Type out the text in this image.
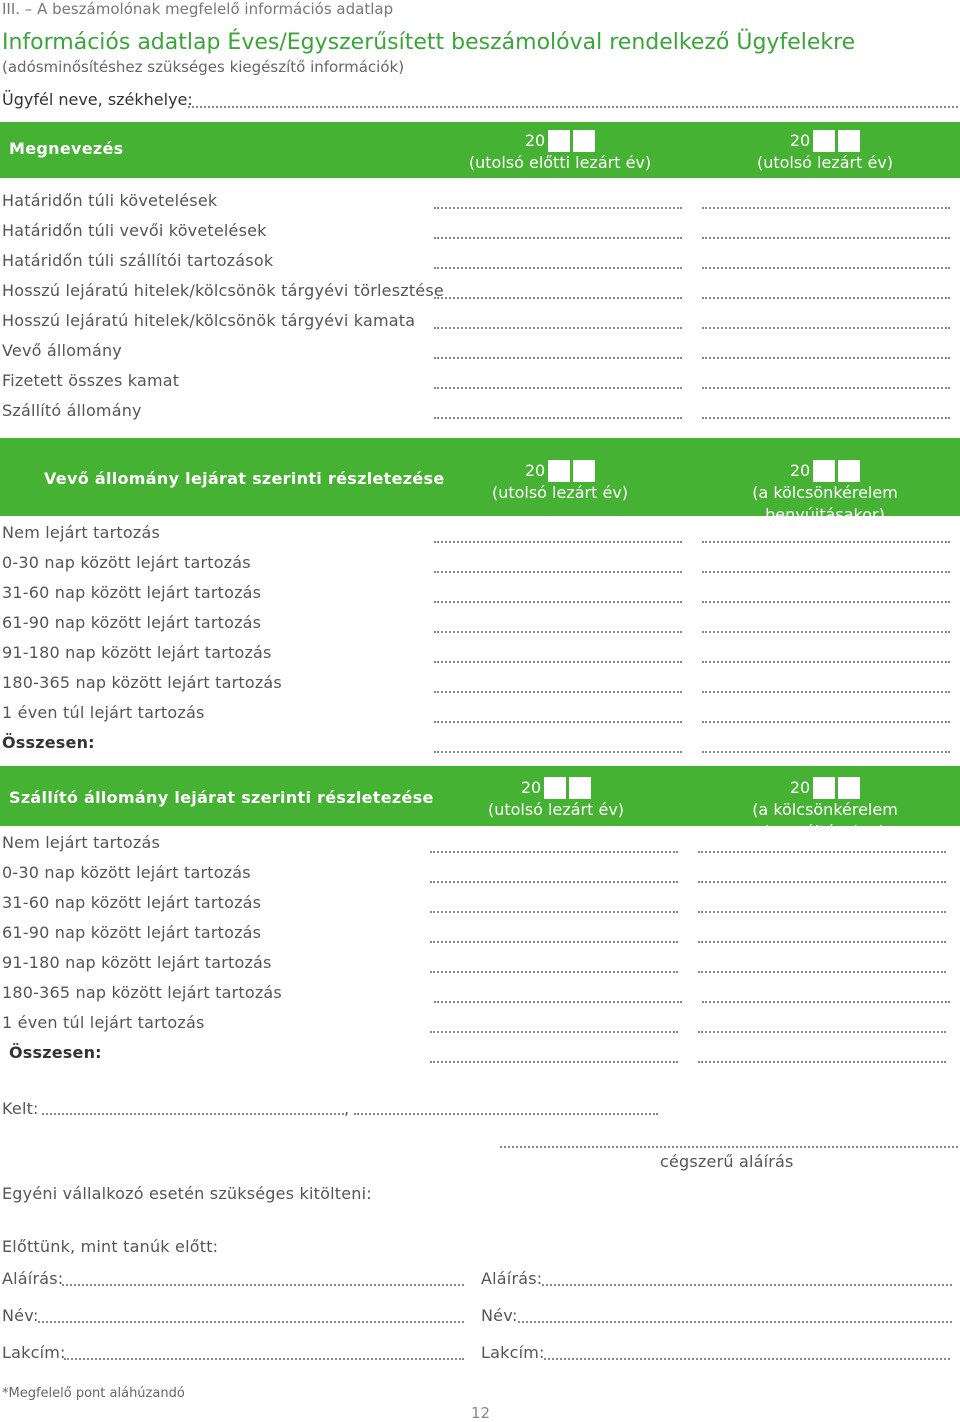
III. – A beszámolónak megfelelő információs adatlap
Információs adatlap Éves/Egyszerűsített beszámolóval rendelkező Ügyfelekre
(adósminősítéshez szükséges kiegészítő információk)
Ügyfél neve, székhelye:
Megnevezés	20
(utolsó előtti lezárt év)
20
(utolsó lezárt év)
Határidőn túli követelések
Határidőn túli vevői követelések
Határidőn túli szállítói tartozások
Hosszú lejáratú hitelek/kölcsönök tárgyévi törlesztése
Hosszú lejáratú hitelek/kölcsönök tárgyévi kamata
Vevő állomány
Fizetett összes kamat
Szállító állomány
Vevő állomány lejárat szerinti részletezése	20
(utolsó lezárt év)
20
(a kölcsönkérelem benyújtásakor)
Nem lejárt tartozás
0-30 nap között lejárt tartozás
31-60 nap között lejárt tartozás
61-90 nap között lejárt tartozás
91-180 nap között lejárt tartozás
180-365 nap között lejárt tartozás
1 éven túl lejárt tartozás
Összesen:
Szállító állomány lejárat szerinti részletezése
20
(utolsó lezárt év)
20
(a kölcsönkérelem benyújtásakor)
Nem lejárt tartozás
0-30 nap között lejárt tartozás
31-60 nap között lejárt tartozás
61-90 nap között lejárt tartozás
91-180 nap között lejárt tartozás
180-365 nap között lejárt tartozás
1 éven túl lejárt tartozás
Összesen:
Kelt:	,
cégszerű aláírás
Egyéni vállalkozó esetén szükséges kitölteni:
Előttünk, mint tanúk előtt:
Aláírás:	Aláírás:
Név:	Név:
Lakcím:	Lakcím:
*Megfelelő pont aláhúzandó
12
